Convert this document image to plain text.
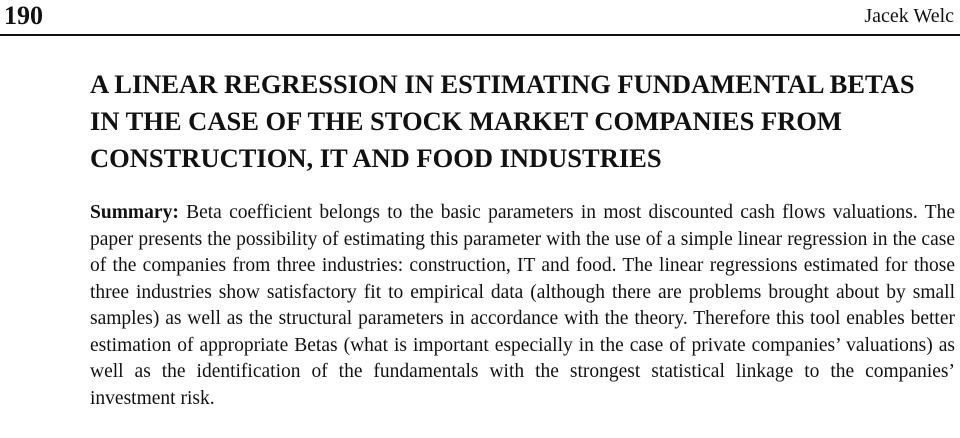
190	Jacek Welc
A LINEAR REGRESSION IN ESTIMATING FUNDAMENTAL BETAS IN THE CASE OF THE STOCK MARKET COMPANIES FROM CONSTRUCTION, IT AND FOOD INDUSTRIES

Summary: Beta coefficient belongs to the basic parameters in most discounted cash flows valuations. The paper presents the possibility of estimating this parameter with the use of a simple linear regression in the case of the companies from three industries: construction, IT and food. The linear regressions estimated for those three industries show satisfactory fit to empirical data (although there are problems brought about by small samples) as well as the structural parameters in accordance with the theory. Therefore this tool enables better estimation of appropriate Betas (what is important especially in the case of private companies’ valuations) as well as the identification of the fundamentals with the strongest statistical linkage to the companies’ investment risk.
